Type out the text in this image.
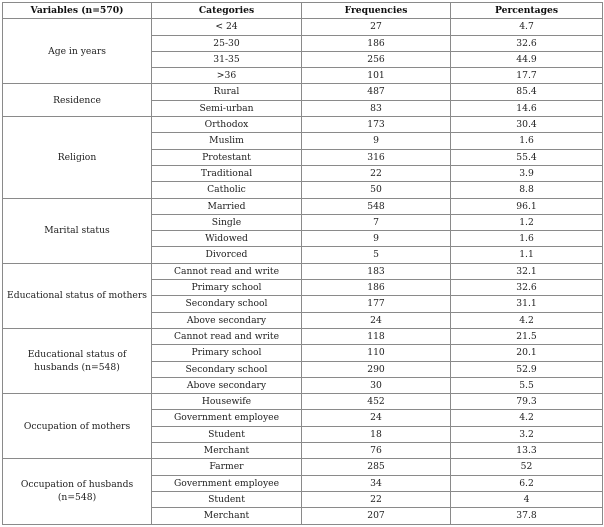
Variables (n=570)	Categories	Frequencies	Percentages
Age in years	< 24	27	4.7
	25-30	186	32.6
	31-35	256	44.9
	>36	101	17.7
Residence	Rural	487	85.4
	Semi-urban	83	14.6
Religion	Orthodox	173	30.4
	Muslim	9	1.6
	Protestant	316	55.4
	Traditional	22	3.9
	Catholic	50	8.8
Marital status	Married	548	96.1
	Single	7	1.2
	Widowed	9	1.6
	Divorced	5	1.1
Educational status of mothers	Cannot read and write	183	32.1
	Primary school	186	32.6
	Secondary school	177	31.1
	Above secondary	24	4.2
Educational status of husbands (n=548)	Cannot read and write	118	21.5
	Primary school	110	20.1
	Secondary school	290	52.9
	Above secondary	30	5.5
Occupation of mothers	Housewife	452	79.3
	Government employee	24	4.2
	Student	18	3.2
	Merchant	76	13.3
Occupation of husbands (n=548)	Farmer	285	52
	Government employee	34	6.2
	Student	22	4
	Merchant	207	37.8
